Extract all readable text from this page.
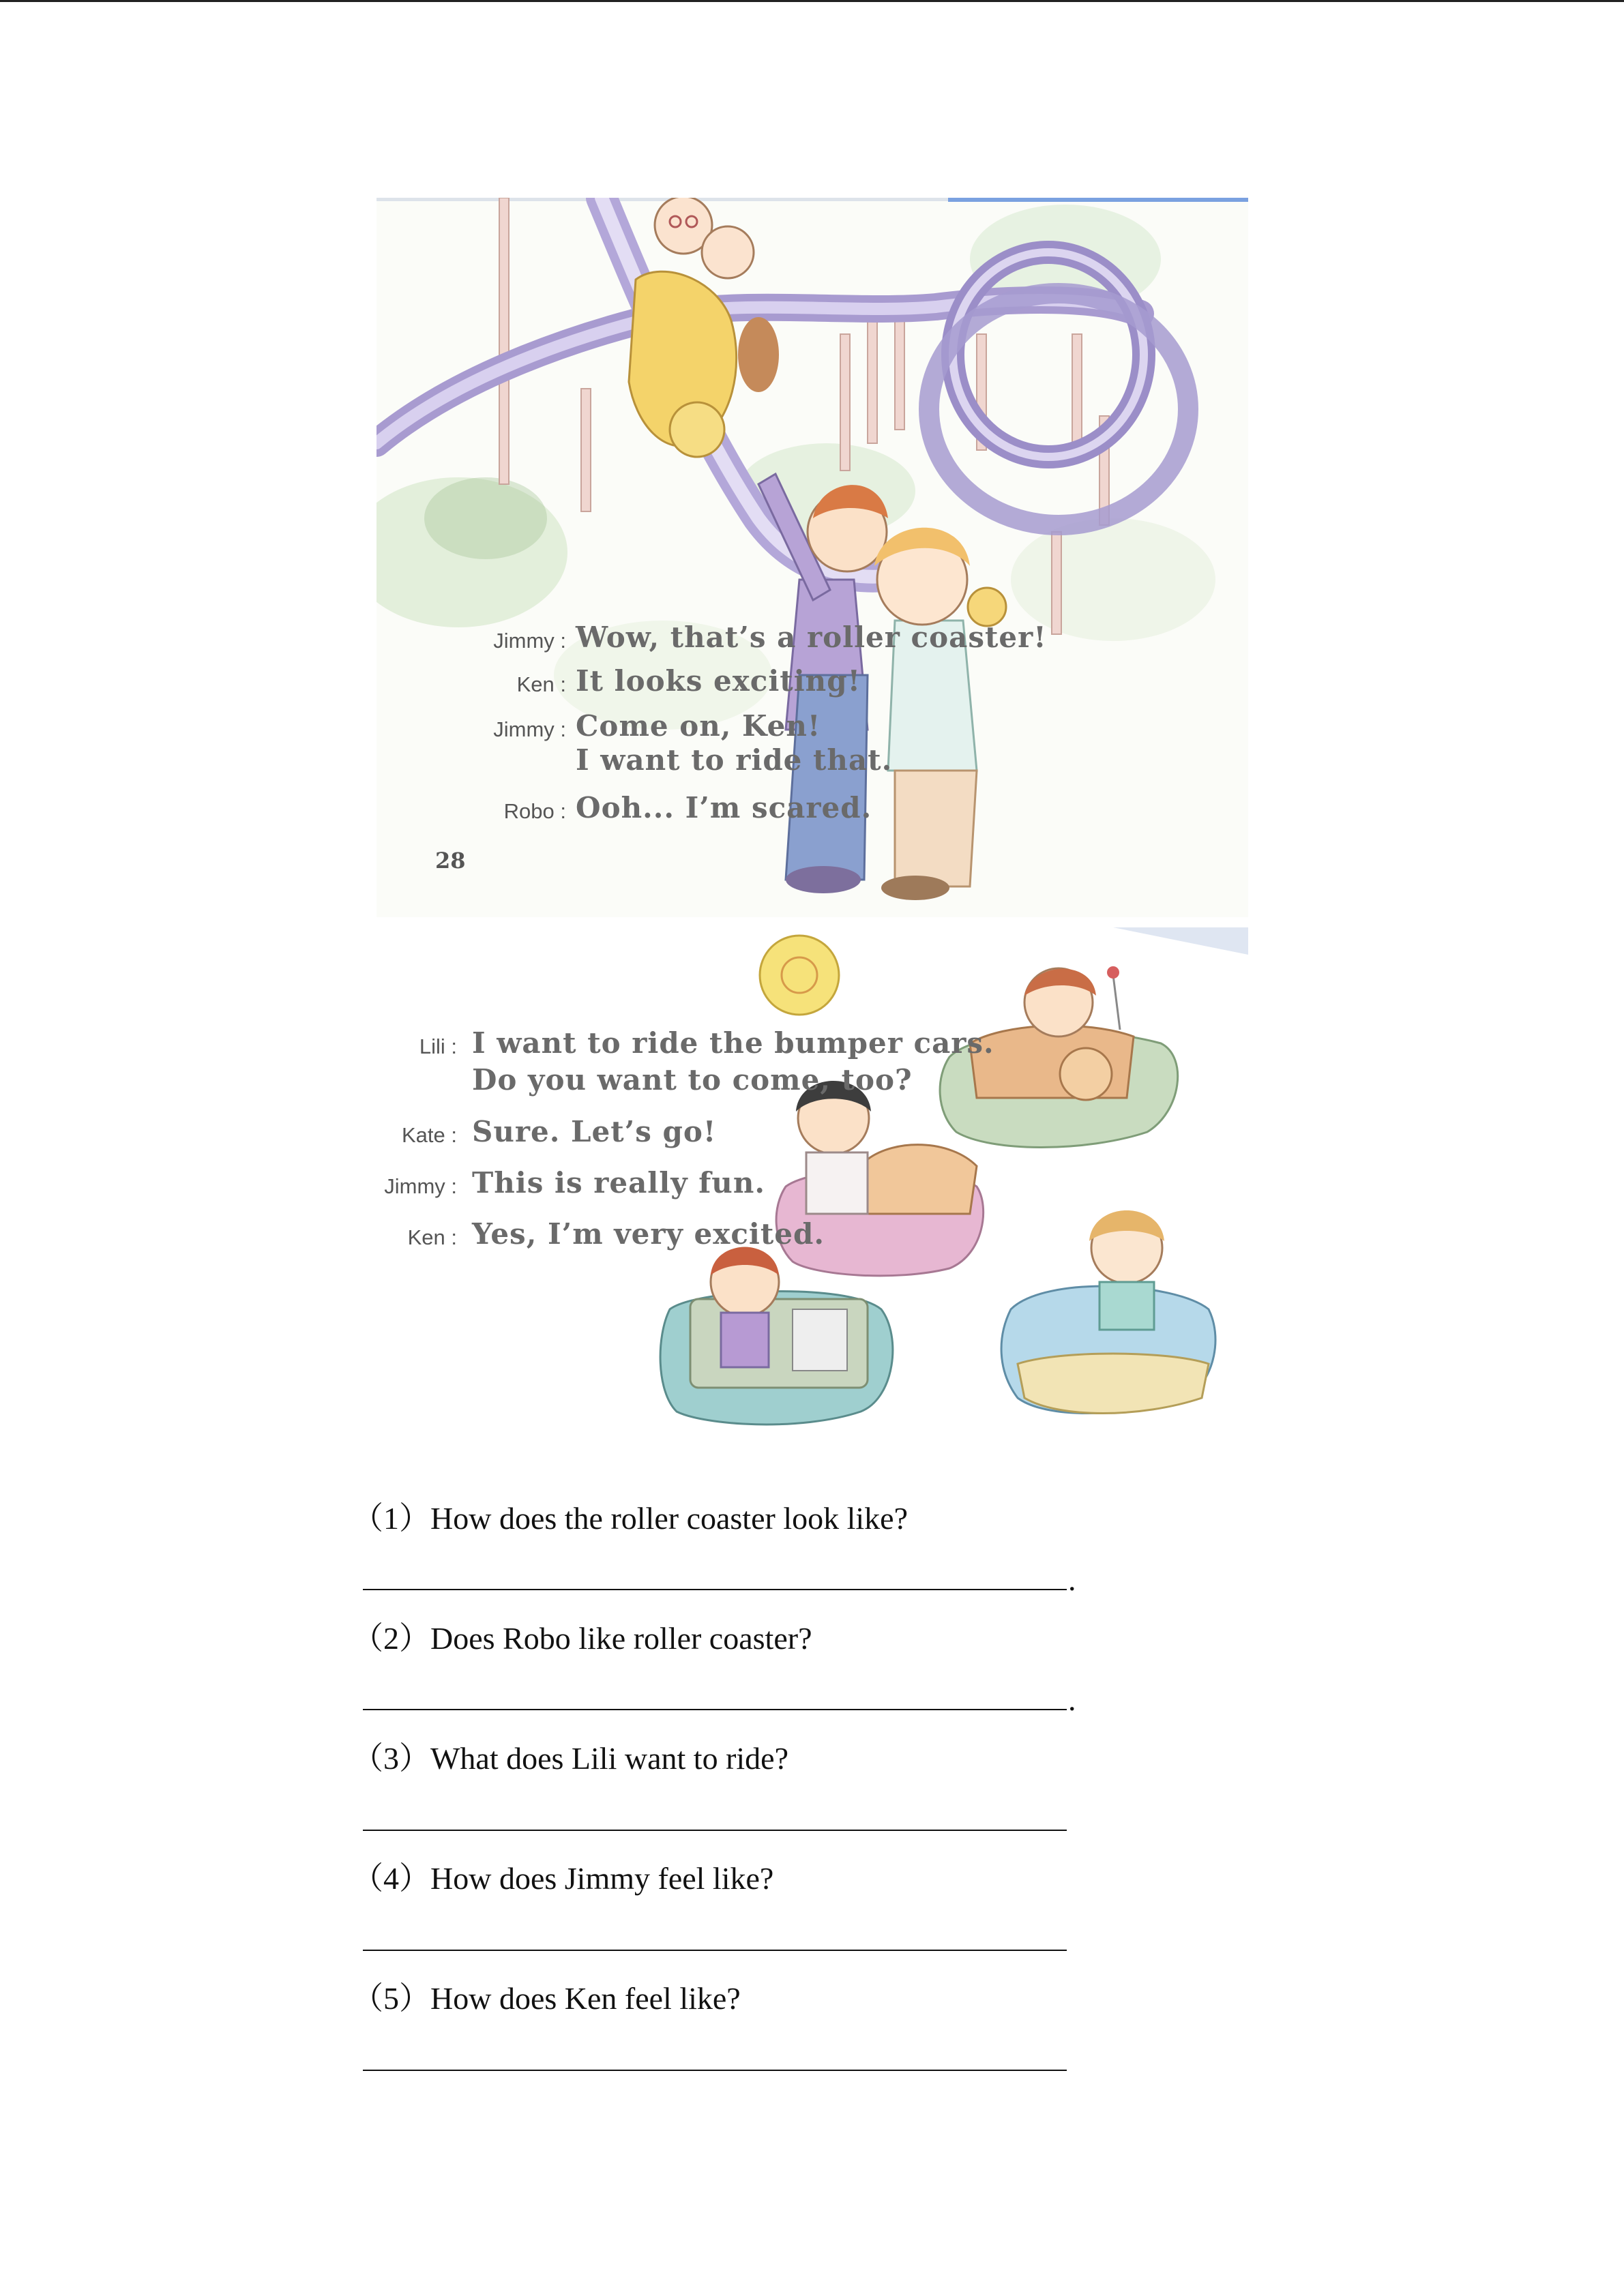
Jimmy : Wow, that’s a roller coaster!
Ken : It looks exciting!
Jimmy : Come on, Ken!
I want to ride that.
Robo : Ooh... I’m scared.
28
Lili : I want to ride the bumper cars.
Do you want to come, too?
Kate : Sure. Let’s go!
Jimmy : This is really fun.
Ken : Yes, I’m very excited.
（1）How does the roller coaster look like?
.
（2）Does Robo like roller coaster?
.
（3）What does Lili want to ride?
（4）How does Jimmy feel like?
（5）How does Ken feel like?
